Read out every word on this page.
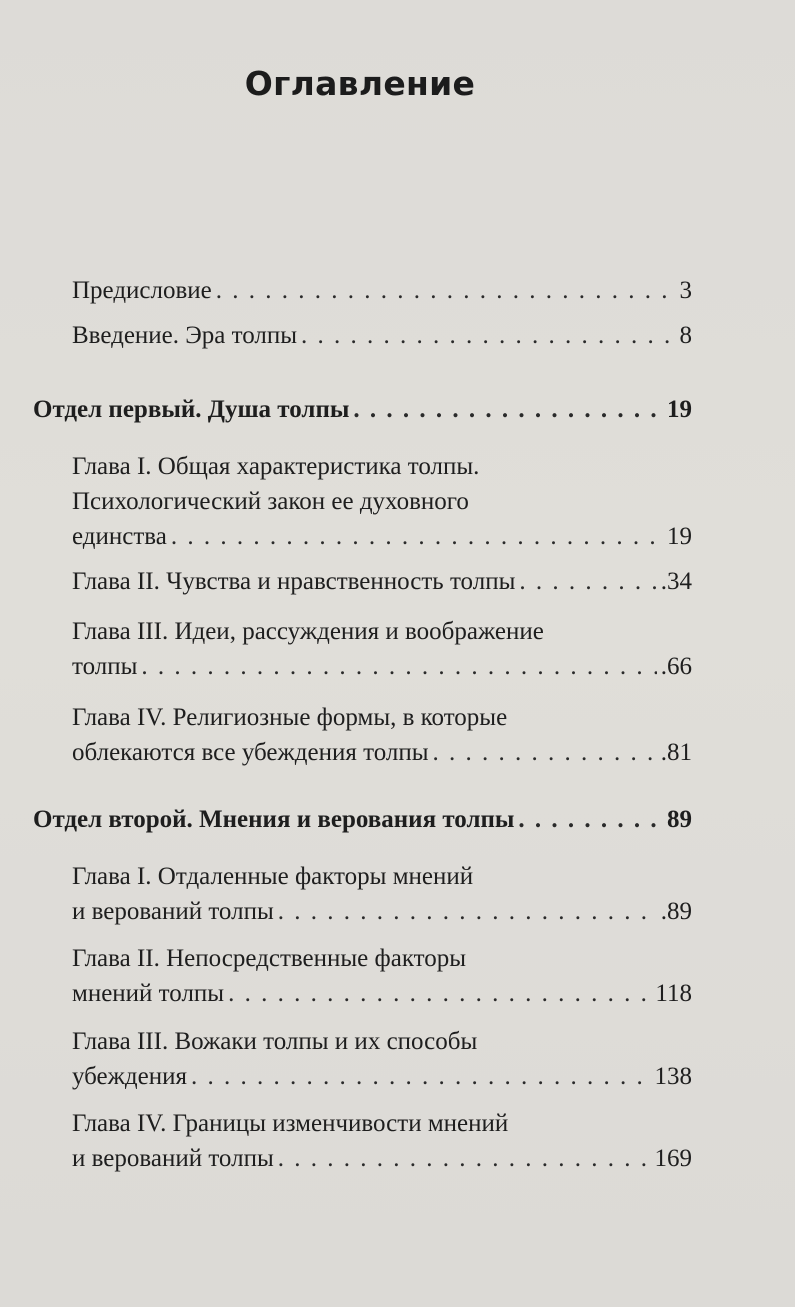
Оглавление
Предисловие . . .	3
Введение. Эра толпы . . .	8
Отдел первый. Душа толпы . . .	19
Глава I. Общая характеристика толпы.
Психологический закон ее духовного
единства . . .	19
Глава II. Чувства и нравственность толпы . . .	.34
Глава III. Идеи, рассуждения и воображение
толпы . . .	.66
Глава IV. Религиозные формы, в которые
облекаются все убеждения толпы . . .	.81
Отдел второй. Мнения и верования толпы . . .	89
Глава I. Отдаленные факторы мнений
и верований толпы . . .	.89
Глава II. Непосредственные факторы
мнений толпы . . .	118
Глава III. Вожаки толпы и их способы
убеждения . . .	138
Глава IV. Границы изменчивости мнений
и верований толпы . . .	169
